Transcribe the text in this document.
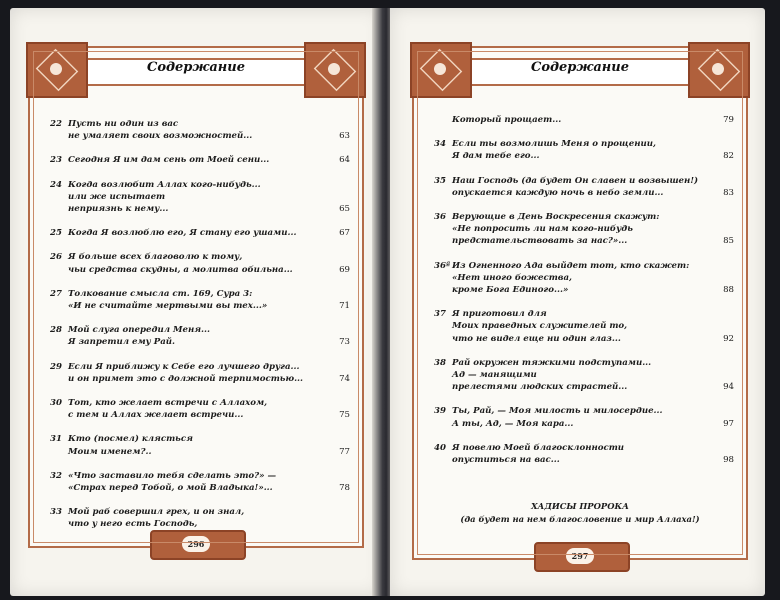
Содержание
22 Пусть ни один из вас
не умаляет своих возможностей...	63
23 Сегодня Я им дам сень от Моей сени...	64
24 Когда возлюбит Аллах кого-нибудь...
или же испытает
неприязнь к нему...	65
25 Когда Я возлюблю его, Я стану его ушами...	67
26 Я больше всех благоволю к тому,
чьи средства скудны, а молитва обильна...	69
27 Толкование смысла ст. 169, Сура 3:
«И не считайте мертвыми вы тех...»	71
28 Мой слуга опередил Меня...
Я запретил ему Рай.	73
29 Если Я приближу к Себе его лучшего друга...
и он примет это с должной терпимостью...	74
30 Тот, кто желает встречи с Аллахом,
с тем и Аллах желает встречи...	75
31 Кто (посмел) клясться
Моим именем?..	77
32 «Что заставило тебя сделать это?» —
«Страх перед Тобой, о мой Владыка!»...	78
33 Мой раб совершил грех, и он знал,
что у него есть Господь,
296
Содержание
Который прощает...	79
34 Если ты возмолишь Меня о прощении,
Я дам тебе его...	82
35 Наш Господь (да будет Он славен и возвышен!)
опускается каждую ночь в небо земли...	83
36 Верующие в День Воскресения скажут:
«Не попросить ли нам кого-нибудь
предстательствовать за нас?»...	85
36ª Из Огненного Ада выйдет тот, кто скажет:
«Нет иного божества,
кроме Бога Единого...»	88
37 Я приготовил для
Моих праведных служителей то,
что не видел еще ни один глаз...	92
38 Рай окружен тяжкими подступами...
Ад — манящими
прелестями людских страстей...	94
39 Ты, Рай, — Моя милость и милосердие...
А ты, Ад, — Моя кара...	97
40 Я повелю Моей благосклонности
опуститься на вас...	98
ХАДИСЫ ПРОРОКА
(да будет на нем благословение и мир Аллаха!)
297
